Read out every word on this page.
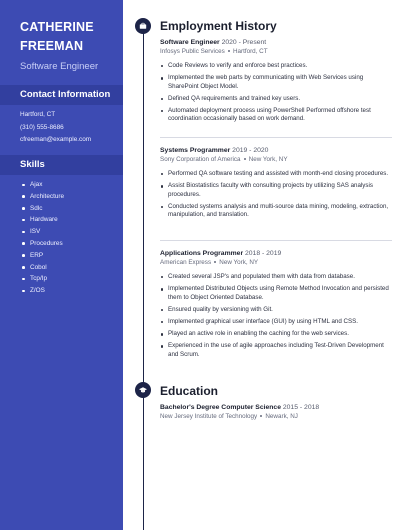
CATHERINE
FREEMAN
Software Engineer
Contact Information
Hartford, CT
(310) 555-8686
cfreeman@example.com
Skills
Ajax
Architecture
Sdlc
Hardware
ISV
Procedures
ERP
Cobol
Tcp/Ip
Z/OS
Employment History
Software Engineer 2020 - Present
Infosys Public Services Hartford, CT
Code Reviews to verify and enforce best practices.
Implemented the web parts by communicating with Web Services using SharePoint Object Model.
Defined QA requirements and trained key users.
Automated deployment process using PowerShell Performed offshore test coordination occasionally based on work demand.
Systems Programmer 2019 - 2020
Sony Corporation of America New York, NY
Performed QA software testing and assisted with month-end closing procedures.
Assist Biostatistics faculty with consulting projects by utilizing SAS analysis procedures.
Conducted systems analysis and multi-source data mining, modeling, extraction, manipulation, and translation.
Applications Programmer 2018 - 2019
American Express New York, NY
Created several JSP's and populated them with data from database.
Implemented Distributed Objects using Remote Method Invocation and persisted them to Object Oriented Database.
Ensured quality by versioning with Git.
Implemented graphical user interface (GUI) by using HTML and CSS.
Played an active role in enabling the caching for the web services.
Experienced in the use of agile approaches including Test-Driven Development and Scrum.
Education
Bachelor's Degree Computer Science 2015 - 2018
New Jersey Institute of Technology Newark, NJ
